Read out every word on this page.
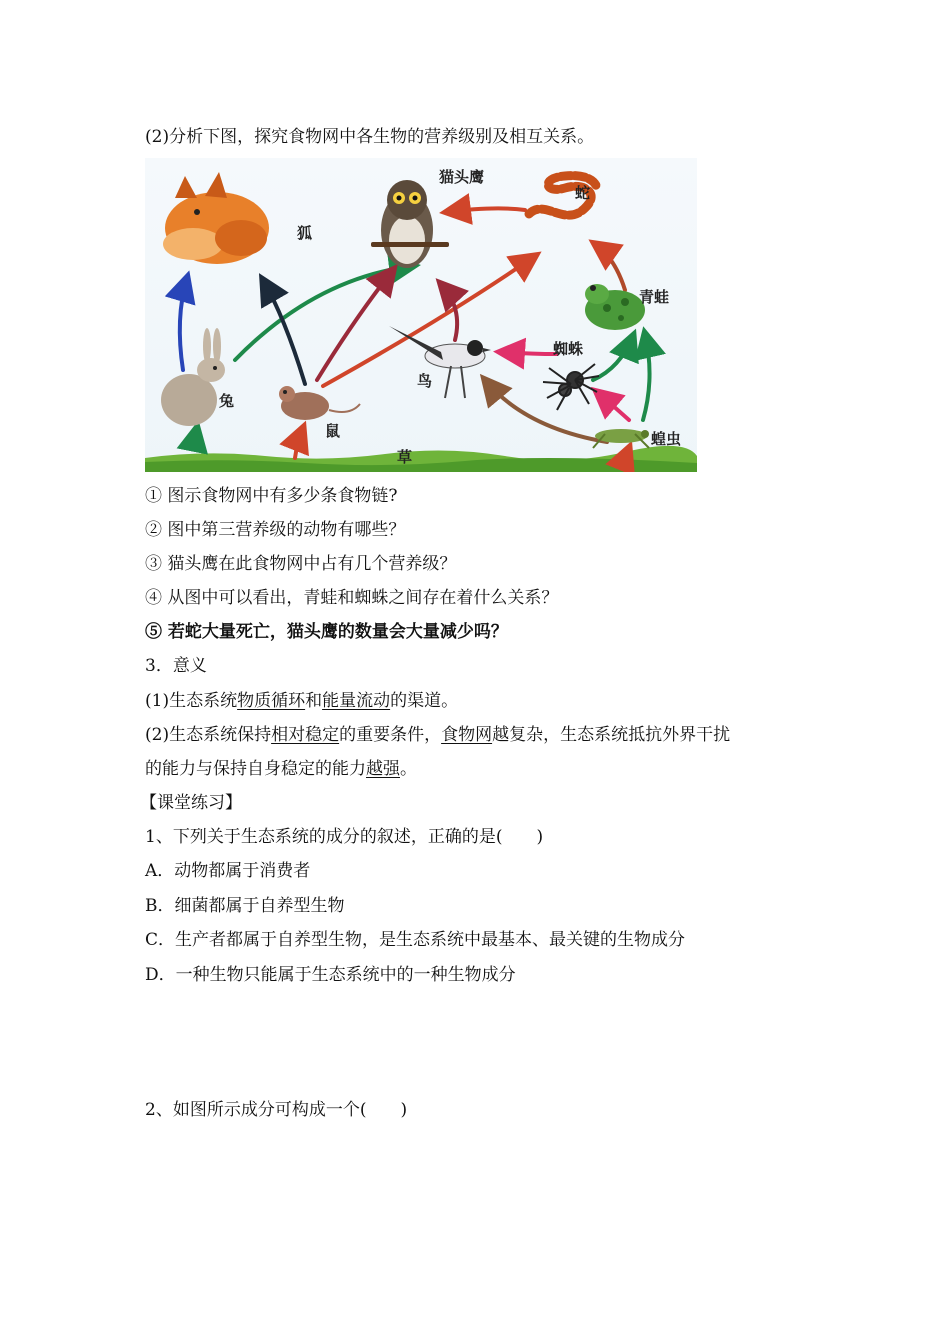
(2)分析下图，探究食物网中各生物的营养级别及相互关系。
狐
猫头鹰
蛇
青蛙
蜘蛛
鸟
兔
鼠
草
蝗虫
① 图示食物网中有多少条食物链?
② 图中第三营养级的动物有哪些？
③ 猫头鹰在此食物网中占有几个营养级？
④ 从图中可以看出，青蛙和蜘蛛之间存在着什么关系？
⑤ 若蛇大量死亡，猫头鹰的数量会大量减少吗？
3．意义
(1)生态系统物质循环和能量流动的渠道。
(2)生态系统保持相对稳定的重要条件，食物网越复杂，生态系统抵抗外界干扰
的能力与保持自身稳定的能力越强。
【课堂练习】
1、下列关于生态系统的成分的叙述，正确的是(　　)
A．动物都属于消费者
B．细菌都属于自养型生物
C．生产者都属于自养型生物，是生态系统中最基本、最关键的生物成分
D．一种生物只能属于生态系统中的一种生物成分
2、如图所示成分可构成一个(　　)
